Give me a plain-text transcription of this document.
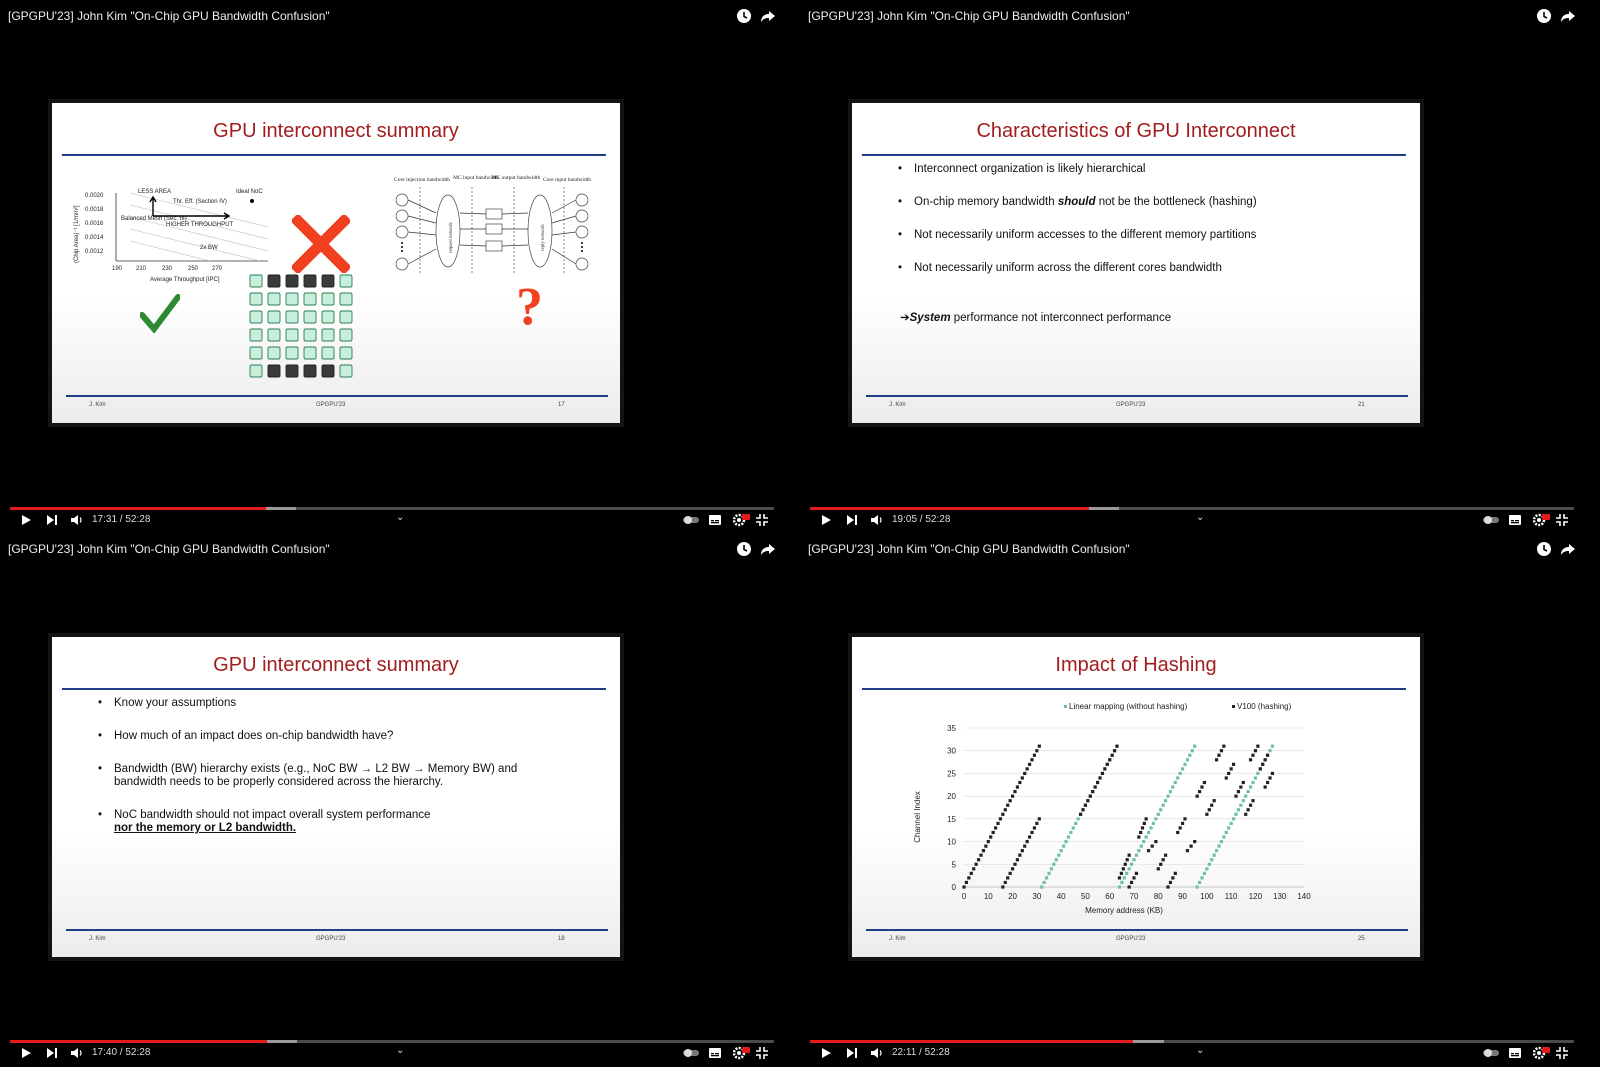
[GPGPU'23] John Kim "On-Chip GPU Bandwidth Confusion"
GPU interconnect summary
0.0020
0.0018
0.0016
0.0014
0.0012
190 210	230	250 270
Average Throughput [IPC]
(Chip Area)⁻¹ [1/mm²]
LESS AREA
Thr. Eff. (Section IV)
Ideal NoC
Balanced Mesh (Sec. III)
HIGHER THROUGHPUT
2x BW
Core injection bandwidth MC input bandwidth
MC output bandwidth Core input bandwidth
request network	reply network
?
J. Kim	GPGPU'23	17
17:31 / 52:28	⌄
[GPGPU'23] John Kim "On-Chip GPU Bandwidth Confusion"
Characteristics of GPU Interconnect
• Interconnect organization is likely hierarchical
• On-chip memory bandwidth should not be the bottleneck (hashing)
• Not necessarily uniform accesses to the different memory partitions
• Not necessarily uniform across the different cores bandwidth
➔System performance not interconnect performance
J. Kim	GPGPU'23	21
19:05 / 52:28	⌄
[GPGPU'23] John Kim "On-Chip GPU Bandwidth Confusion"
GPU interconnect summary
• Know your assumptions
• How much of an impact does on-chip bandwidth have?
• Bandwidth (BW) hierarchy exists (e.g., NoC BW → L2 BW → Memory BW) and bandwidth needs to be properly considered across the hierarchy.
• NoC bandwidth should not impact overall system performance
nor the memory or L2 bandwidth.
J. Kim	GPGPU'23	18
17:40 / 52:28	⌄
[GPGPU'23] John Kim "On-Chip GPU Bandwidth Confusion"
Impact of Hashing
0
5
10
15
20
25
30
35
0 10 20 30 40 50 60 70 80 90 100 110 120 130 140
Linear mapping (without hashing)	V100 (hashing)
Memory address (KB)
Channel Index
J. Kim	GPGPU'23	25
22:11 / 52:28	⌄
